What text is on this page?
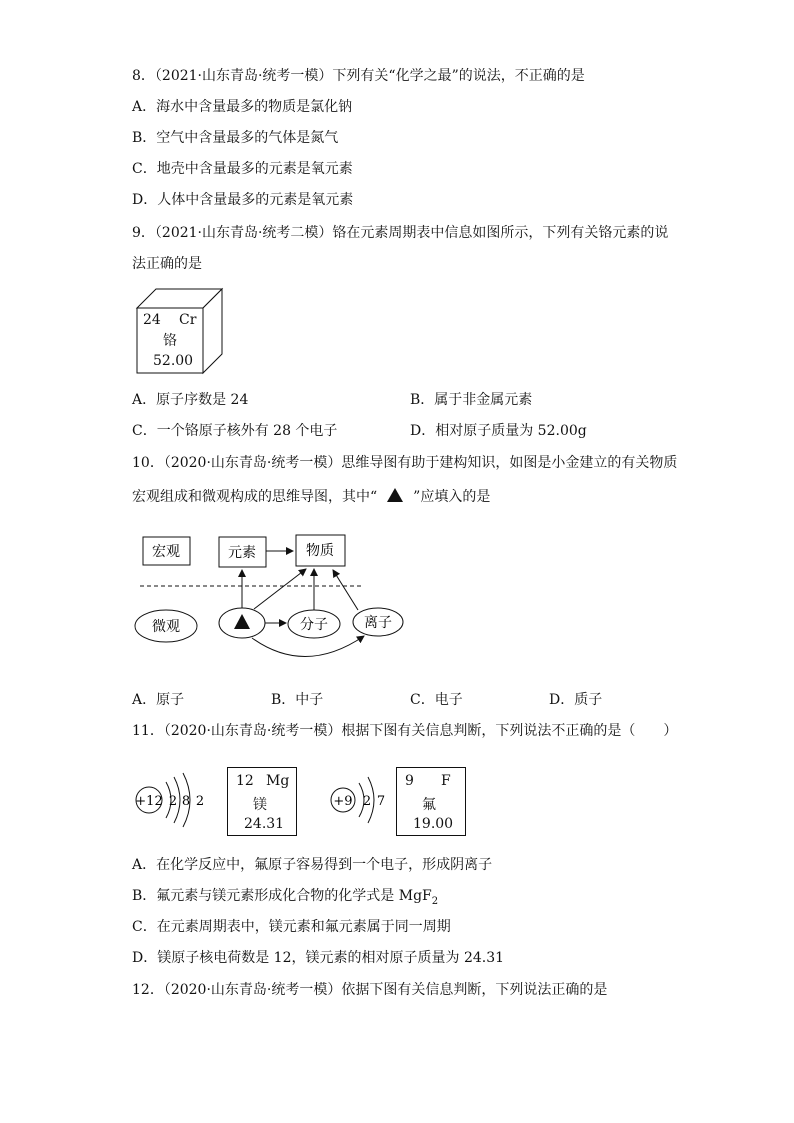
8．（2021·山东青岛·统考一模）下列有关“化学之最”的说法，不正确的是
A．海水中含量最多的物质是氯化钠
B．空气中含量最多的气体是氮气
C．地壳中含量最多的元素是氧元素
D．人体中含量最多的元素是氧元素
9．（2021·山东青岛·统考二模）铬在元素周期表中信息如图所示，下列有关铬元素的说
法正确的是
24 Cr
铬
52.00
A．原子序数是 24	B．属于非金属元素
C．一个铬原子核外有 28 个电子	D．相对原子质量为 52.00g
10．（2020·山东青岛·统考一模）思维导图有助于建构知识，如图是小金建立的有关物质
宏观组成和微观构成的思维导图，其中“	”应填入的是
宏观	元素	物质
微观	分子	离子
A．原子	B．中子	C．电子	D．质子
11．（2020·山东青岛·统考一模）根据下图有关信息判断，下列说法不正确的是（　　）
+12 2 8 2
12 Mg
镁
24.31
+9 2 7
9 F
氟
19.00
A．在化学反应中，氟原子容易得到一个电子，形成阴离子
B．氟元素与镁元素形成化合物的化学式是 MgF$_2$
C．在元素周期表中，镁元素和氟元素属于同一周期
D．镁原子核电荷数是 12，镁元素的相对原子质量为 24.31
12．（2020·山东青岛·统考一模）依据下图有关信息判断，下列说法正确的是
